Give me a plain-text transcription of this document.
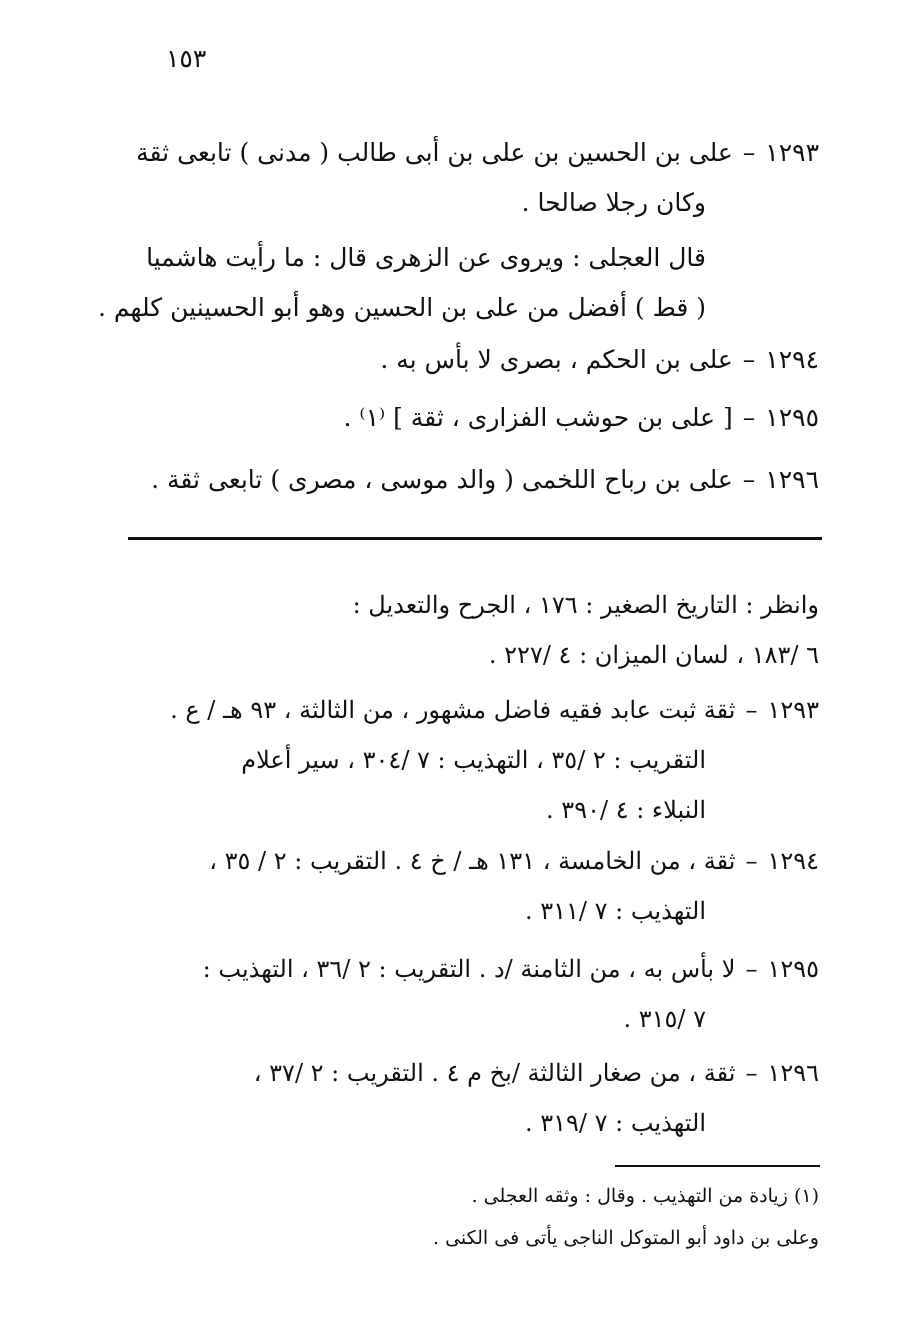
١٥٣
١٢٩٣–على بن الحسين بن على بن أبى طالب ( مدنى ) تابعى ثقة
وكان رجلا صالحا .
قال العجلى : ويروى عن الزهرى قال : ما رأيت هاشميا
( قط ) أفضل من على بن الحسين وهو أبو الحسينين كلهم .
١٢٩٤–على بن الحكم ، بصرى لا بأس به .
١٢٩٥–[ على بن حوشب الفزارى ، ثقة ] ⁽١⁾ .
١٢٩٦–على بن رباح اللخمى ( والد موسى ، مصرى ) تابعى ثقة .
وانظر : التاريخ الصغير : ١٧٦ ، الجرح والتعديل :
٦ /١٨٣ ، لسان الميزان : ٤ /٢٢٧ .
١٢٩٣–ثقة ثبت عابد فقيه فاضل مشهور ، من الثالثة ، ٩٣ هـ / ع .
التقريب : ٢ /٣٥ ، التهذيب : ٧ /٣٠٤ ، سير أعلام
النبلاء : ٤ /٣٩٠ .
١٢٩٤–ثقة ، من الخامسة ، ١٣١ هـ / خ ٤ . التقريب : ٢ / ٣٥ ،
التهذيب : ٧ /٣١١ .
١٢٩٥–لا بأس به ، من الثامنة /د . التقريب : ٢ /٣٦ ، التهذيب :
٧ /٣١٥ .
١٢٩٦–ثقة ، من صغار الثالثة /بخ م ٤ . التقريب : ٢ /٣٧ ،
التهذيب : ٧ /٣١٩ .
(١) زيادة من التهذيب . وقال : وثقه العجلى .
وعلى بن داود أبو المتوكل الناجى يأتى فى الكنى .
